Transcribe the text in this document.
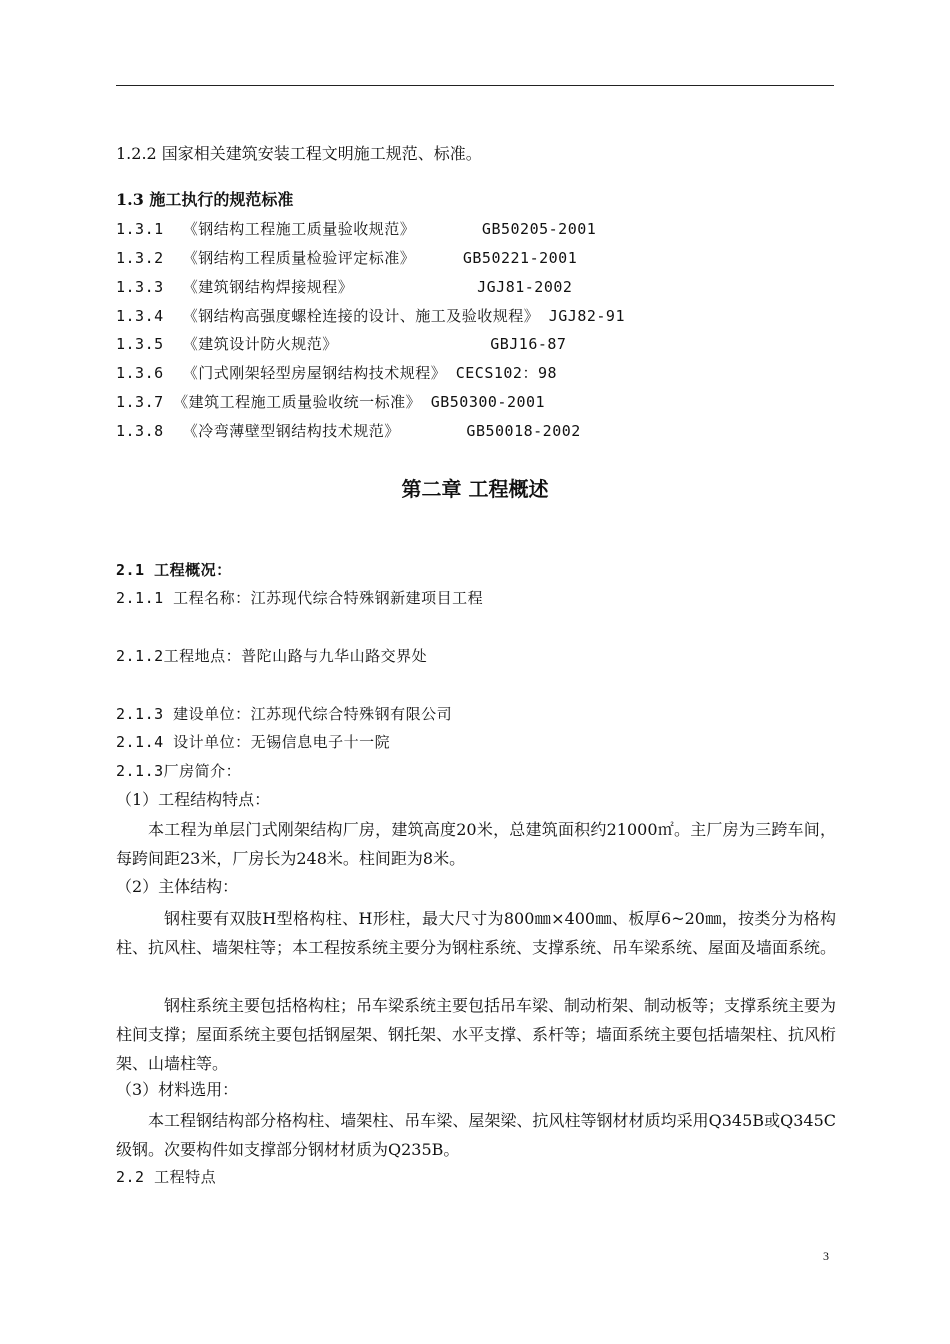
1.2.2 国家相关建筑安装工程文明施工规范、标准。
1.3 施工执行的规范标准
1.3.1  《钢结构工程施工质量验收规范》       GB50205-2001
1.3.2  《钢结构工程质量检验评定标准》     GB50221-2001
1.3.3  《建筑钢结构焊接规程》             JGJ81-2002
1.3.4  《钢结构高强度螺栓连接的设计、施工及验收规程》 JGJ82-91
1.3.5  《建筑设计防火规范》                GBJ16-87
1.3.6  《门式刚架轻型房屋钢结构技术规程》 CECS102：98
1.3.7 《建筑工程施工质量验收统一标准》 GB50300-2001
1.3.8  《冷弯薄壁型钢结构技术规范》       GB50018-2002
第二章 工程概述
2.1 工程概况：
2.1.1 工程名称：江苏现代综合特殊钢新建项目工程
2.1.2工程地点：普陀山路与九华山路交界处
2.1.3 建设单位：江苏现代综合特殊钢有限公司
2.1.4 设计单位：无锡信息电子十一院
2.1.3厂房简介：
（1）工程结构特点：
本工程为单层门式刚架结构厂房，建筑高度20米，总建筑面积约21000㎡。主厂房为三跨车间，每跨间距23米，厂房长为248米。柱间距为8米。
（2）主体结构：
钢柱要有双肢H型格构柱、H形柱，最大尺寸为800㎜×400㎜、板厚6~20㎜，按类分为格构柱、抗风柱、墙架柱等；本工程按系统主要分为钢柱系统、支撑系统、吊车梁系统、屋面及墙面系统。
钢柱系统主要包括格构柱；吊车梁系统主要包括吊车梁、制动桁架、制动板等；支撑系统主要为柱间支撑；屋面系统主要包括钢屋架、钢托架、水平支撑、系杆等；墙面系统主要包括墙架柱、抗风桁架、山墙柱等。
（3）材料选用：
本工程钢结构部分格构柱、墙架柱、吊车梁、屋架梁、抗风柱等钢材材质均采用Q345B或Q345C级钢。次要构件如支撑部分钢材材质为Q235B。
2.2 工程特点
3
